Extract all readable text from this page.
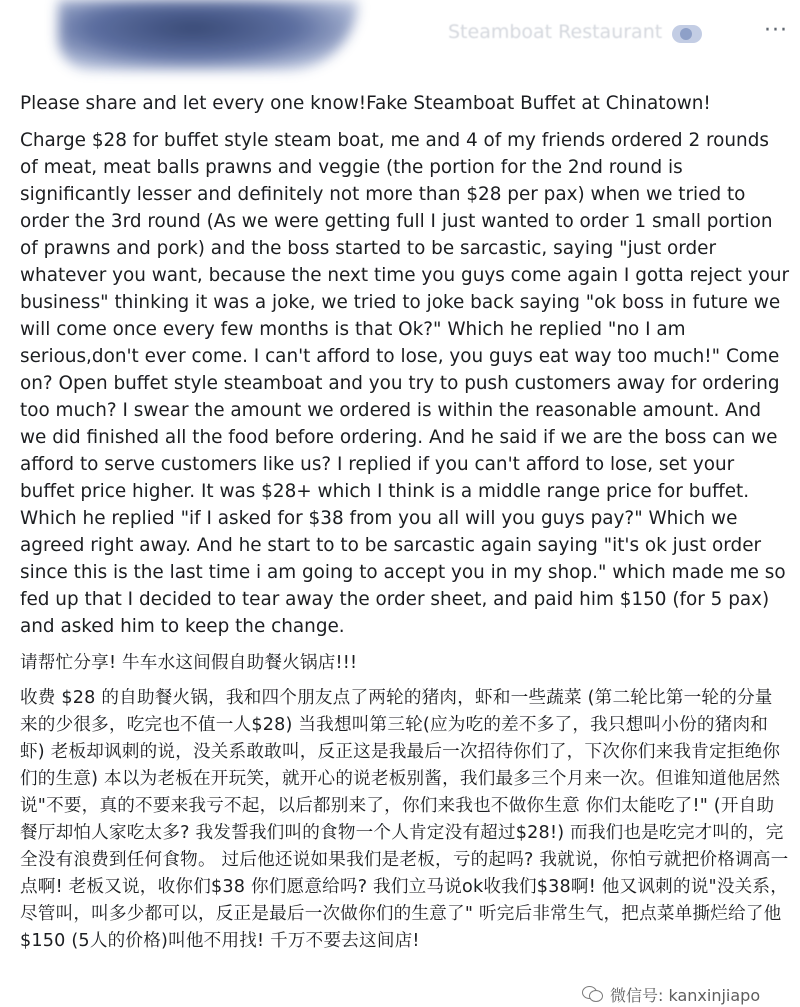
Steamboat Restaurant	···

Please share and let every one know!Fake Steamboat Buffet at Chinatown!

Charge $28 for buffet style steam boat, me and 4 of my friends ordered 2 rounds of meat, meat balls prawns and veggie (the portion for the 2nd round is significantly lesser and definitely not more than $28 per pax) when we tried to order the 3rd round (As we were getting full I just wanted to order 1 small portion of prawns and pork) and the boss started to be sarcastic, saying "just order whatever you want, because the next time you guys come again I gotta reject your business" thinking it was a joke, we tried to joke back saying "ok boss in future we will come once every few months is that Ok?" Which he replied "no I am serious,don't ever come. I can't afford to lose, you guys eat way too much!" Come on? Open buffet style steamboat and you try to push customers away for ordering too much? I swear the amount we ordered is within the reasonable amount. And we did finished all the food before ordering. And he said if we are the boss can we afford to serve customers like us? I replied if you can't afford to lose, set your buffet price higher. It was $28+ which I think is a middle range price for buffet. Which he replied "if I asked for $38 from you all will you guys pay?" Which we agreed right away. And he start to to be sarcastic again saying "it's ok just order since this is the last time i am going to accept you in my shop." which made me so fed up that I decided to tear away the order sheet, and paid him $150 (for 5 pax) and asked him to keep the change.

请帮忙分享! 牛车水这间假自助餐火锅店!!!

收费 $28 的自助餐火锅，我和四个朋友点了两轮的猪肉，虾和一些蔬菜 (第二轮比第一轮的分量来的少很多，吃完也不值一人$28) 当我想叫第三轮(应为吃的差不多了，我只想叫小份的猪肉和虾) 老板却讽刺的说，没关系敢敢叫，反正这是我最后一次招待你们了，下次你们来我肯定拒绝你们的生意) 本以为老板在开玩笑，就开心的说老板别酱，我们最多三个月来一次。但谁知道他居然说"不要，真的不要来我亏不起，以后都别来了，你们来我也不做你生意 你们太能吃了!" (开自助餐厅却怕人家吃太多? 我发誓我们叫的食物一个人肯定没有超过$28!) 而我们也是吃完才叫的，完全没有浪费到任何食物。 过后他还说如果我们是老板，亏的起吗? 我就说，你怕亏就把价格调高一点啊! 老板又说，收你们$38 你们愿意给吗? 我们立马说ok收我们$38啊! 他又讽刺的说"没关系，尽管叫，叫多少都可以，反正是最后一次做你们的生意了" 听完后非常生气，把点菜单撕烂给了他$150 (5人的价格)叫他不用找! 千万不要去这间店!

微信号: kanxinjiapo
